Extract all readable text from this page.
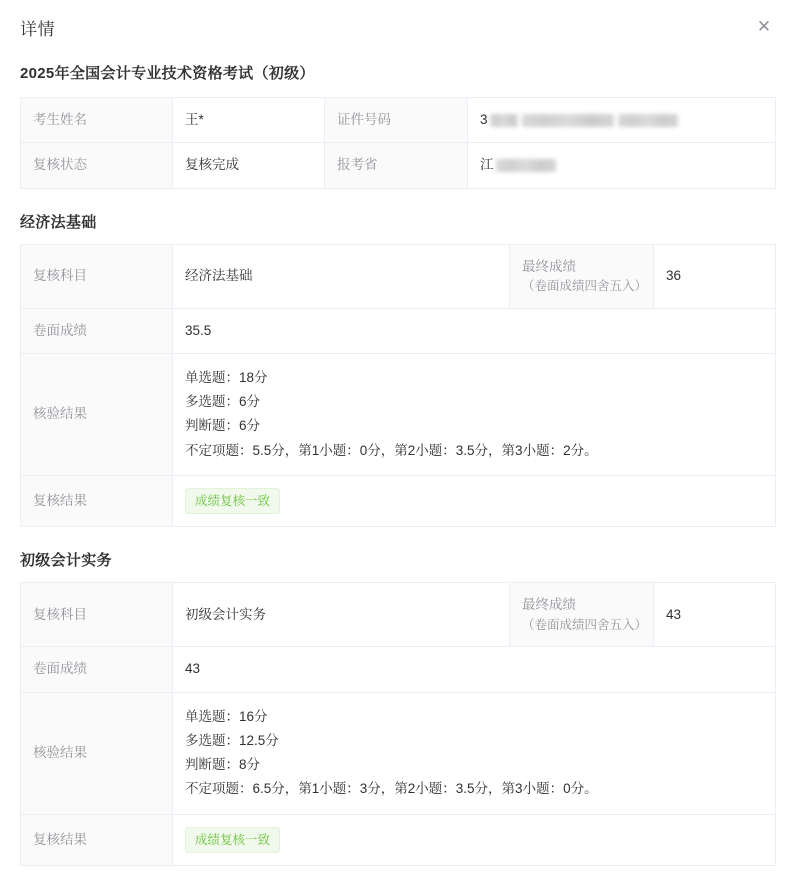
详情	✕
2025年全国会计专业技术资格考试（初级）
考生姓名	王*	证件号码	3
复核状态	复核完成	报考省	江
经济法基础
复核科目	经济法基础	最终成绩
（卷面成绩四舍五入）	36
卷面成绩	35.5		
核验结果	单选题：18分
多选题：6分
判断题：6分
不定项题：5.5分，第1小题：0分，第2小题：3.5分，第3小题：2分。		

复核结果	成绩复核一致		
初级会计实务
复核科目	初级会计实务	最终成绩
（卷面成绩四舍五入）	43
卷面成绩	43		
核验结果	单选题：16分
多选题：12.5分
判断题：8分
不定项题：6.5分，第1小题：3分，第2小题：3.5分，第3小题：0分。		

复核结果	成绩复核一致		
